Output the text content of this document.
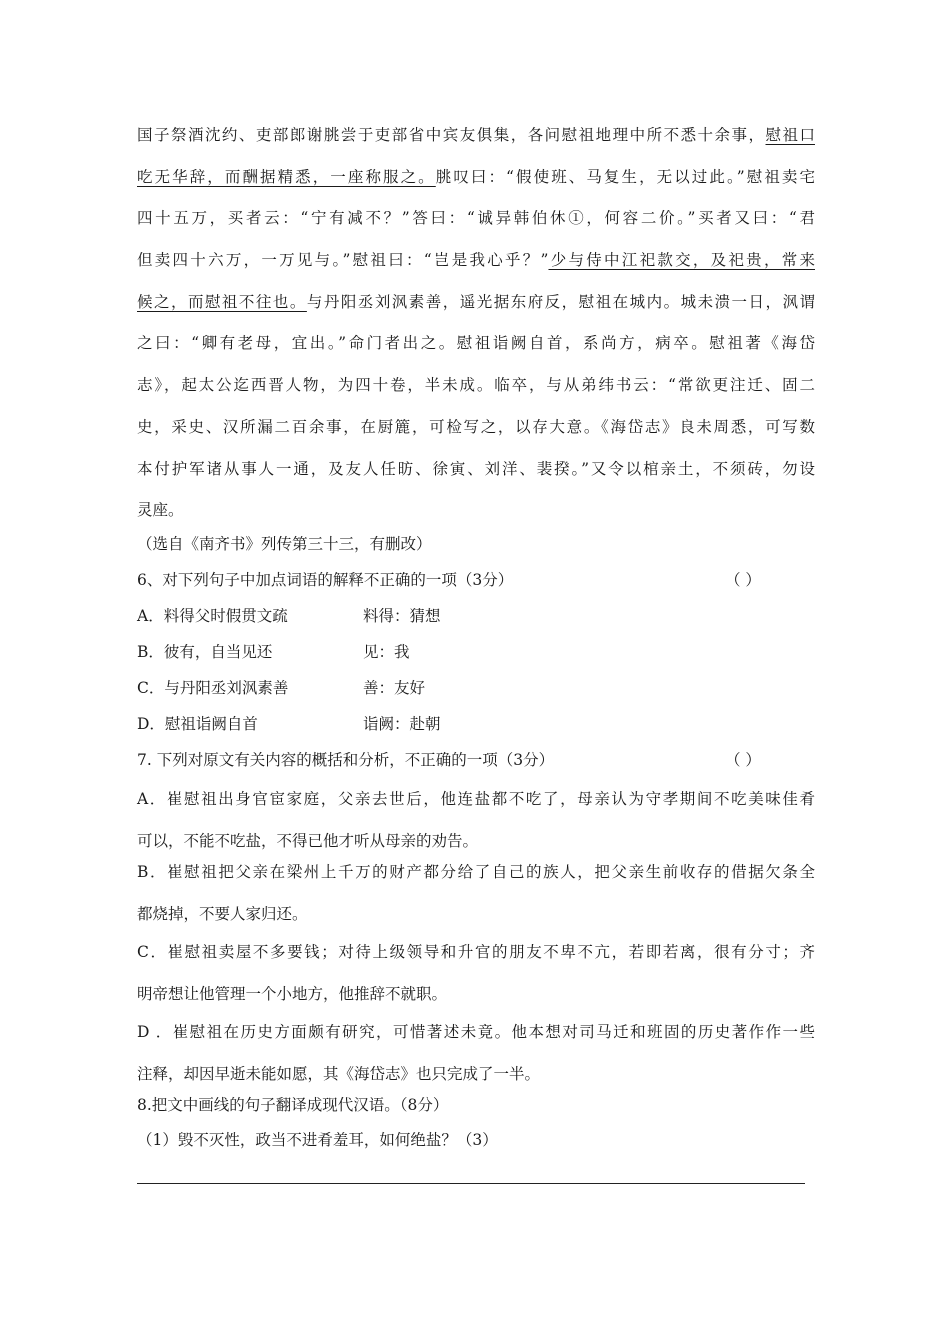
国子祭酒沈约、吏部郎谢朓尝于吏部省中宾友俱集，各问慰祖地理中所不悉十余事，慰祖口
吃无华辞，而酬据精悉，一座称服之。朓叹曰：“假使班、马复生，无以过此。”慰祖卖宅
四十五万，买者云：“宁有减不？”答曰：“诚异韩伯休①，何容二价。”买者又曰：“君
但卖四十六万，一万见与。”慰祖曰：“岂是我心乎？”少与侍中江祀款交，及祀贵，常来
候之，而慰祖不往也。与丹阳丞刘沨素善，遥光据东府反，慰祖在城内。城未溃一日，沨谓
之曰：“卿有老母，宜出。”命门者出之。慰祖诣阙自首，系尚方，病卒。慰祖著《海岱
志》，起太公迄西晋人物，为四十卷，半未成。临卒，与从弟纬书云：“常欲更注迁、固二
史，采史、汉所漏二百余事，在厨簏，可检写之，以存大意。《海岱志》良未周悉，可写数
本付护军诸从事人一通，及友人任昉、徐寅、刘洋、裴揆。”又令以棺亲土，不须砖，勿设
灵座。
（选自《南齐书》列传第三十三，有删改）
6、对下列句子中加点词语的解释不正确的一项（3分）	（ ）
A．料得父时假贯文疏	料得：猜想
B．彼有，自当见还	见：我
C．与丹阳丞刘沨素善	善：友好
D．慰祖诣阙自首	诣阙：赴朝
7. 下列对原文有关内容的概括和分析，不正确的一项（3分）	（ ）
A．崔慰祖出身官宦家庭，父亲去世后，他连盐都不吃了，母亲认为守孝期间不吃美味佳肴
可以，不能不吃盐，不得已他才听从母亲的劝告。
B．崔慰祖把父亲在梁州上千万的财产都分给了自己的族人，把父亲生前收存的借据欠条全
都烧掉，不要人家归还。
C．崔慰祖卖屋不多要钱；对待上级领导和升官的朋友不卑不亢，若即若离，很有分寸；齐
明帝想让他管理一个小地方，他推辞不就职。
D ．崔慰祖在历史方面颇有研究，可惜著述未竟。他本想对司马迁和班固的历史著作作一些
注释，却因早逝未能如愿，其《海岱志》也只完成了一半。
8.把文中画线的句子翻译成现代汉语。（8分）
（1）毁不灭性，政当不进肴羞耳，如何绝盐？（3）
